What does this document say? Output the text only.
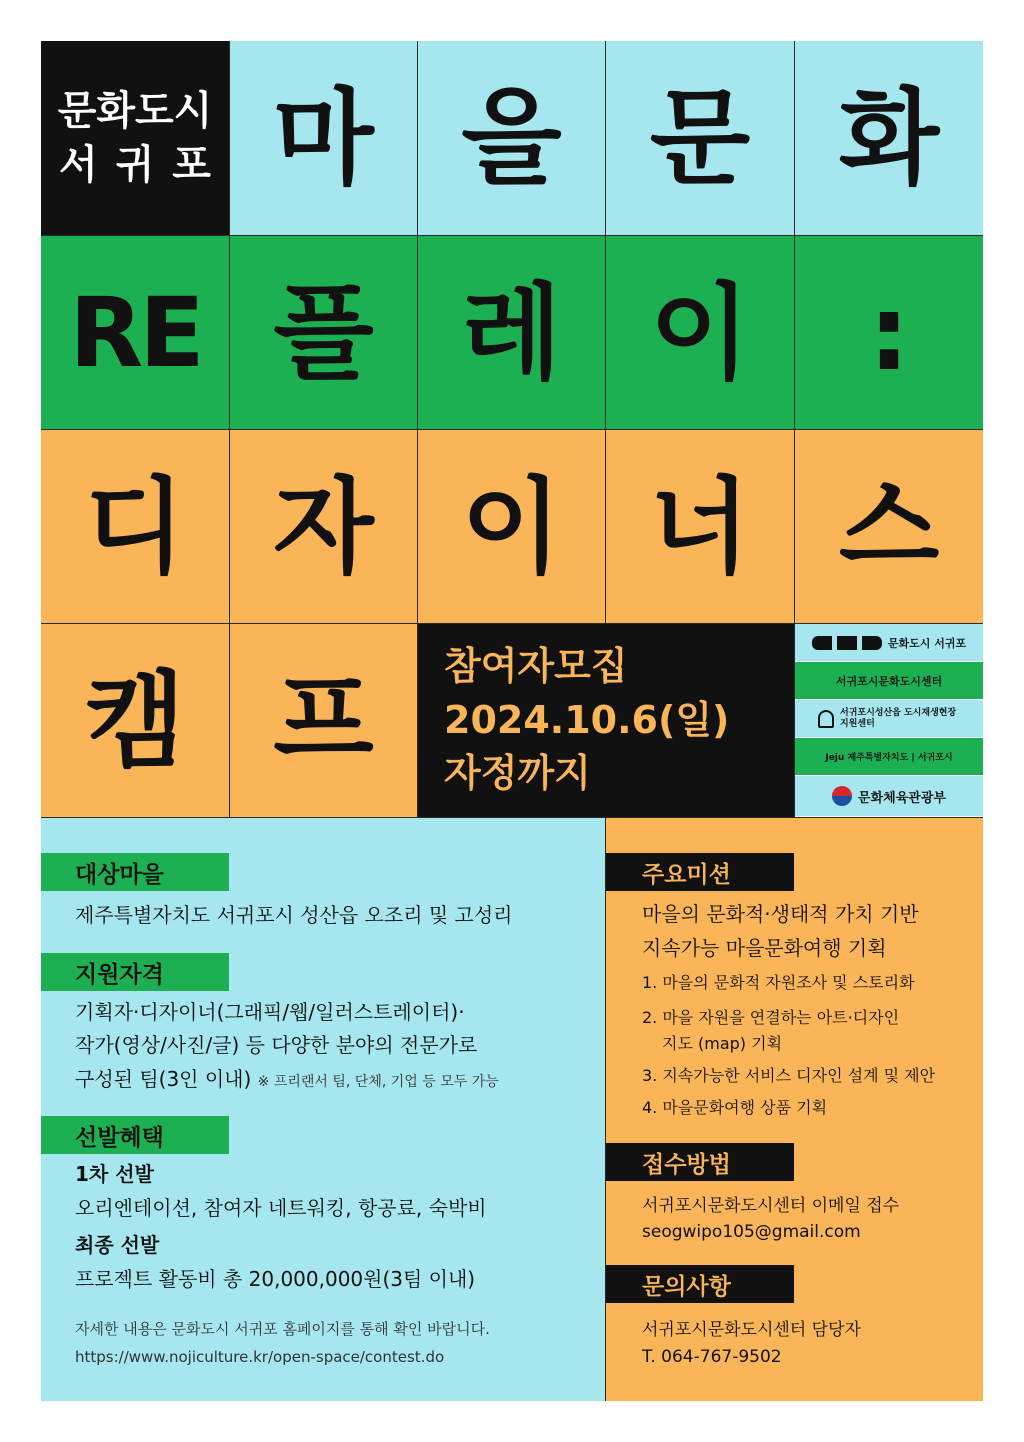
문화도시
서귀포 마 을 문 화
RE 플 레 이 :
디 자 이 너 스
캠 프 참여자모집
2024.10.6(일)
자정까지
문화도시 서귀포
서귀포시문화도시센터
서귀포시성산읍 도시재생현장지원센터
Jeju 제주특별자치도 | 서귀포시
문화체육관광부
대상마을
제주특별자치도 서귀포시 성산읍 오조리 및 고성리
지원자격
기획자·디자이너(그래픽/웹/일러스트레이터)·
작가(영상/사진/글) 등 다양한 분야의 전문가로
구성된 팀(3인 이내) ※ 프리랜서 팀, 단체, 기업 등 모두 가능
선발혜택
1차 선발
오리엔테이션, 참여자 네트워킹, 항공료, 숙박비
최종 선발
프로젝트 활동비 총 20,000,000원(3팀 이내)
자세한 내용은 문화도시 서귀포 홈페이지를 통해 확인 바랍니다.
https://www.nojiculture.kr/open-space/contest.do
주요미션
마을의 문화적·생태적 가치 기반
지속가능 마을문화여행 기획
1. 마을의 문화적 자원조사 및 스토리화
2. 마을 자원을 연결하는 아트·디자인
지도 (map) 기획
3. 지속가능한 서비스 디자인 설계 및 제안
4. 마을문화여행 상품 기획
접수방법
서귀포시문화도시센터 이메일 접수
seogwipo105@gmail.com
문의사항
서귀포시문화도시센터 담당자
T. 064-767-9502
